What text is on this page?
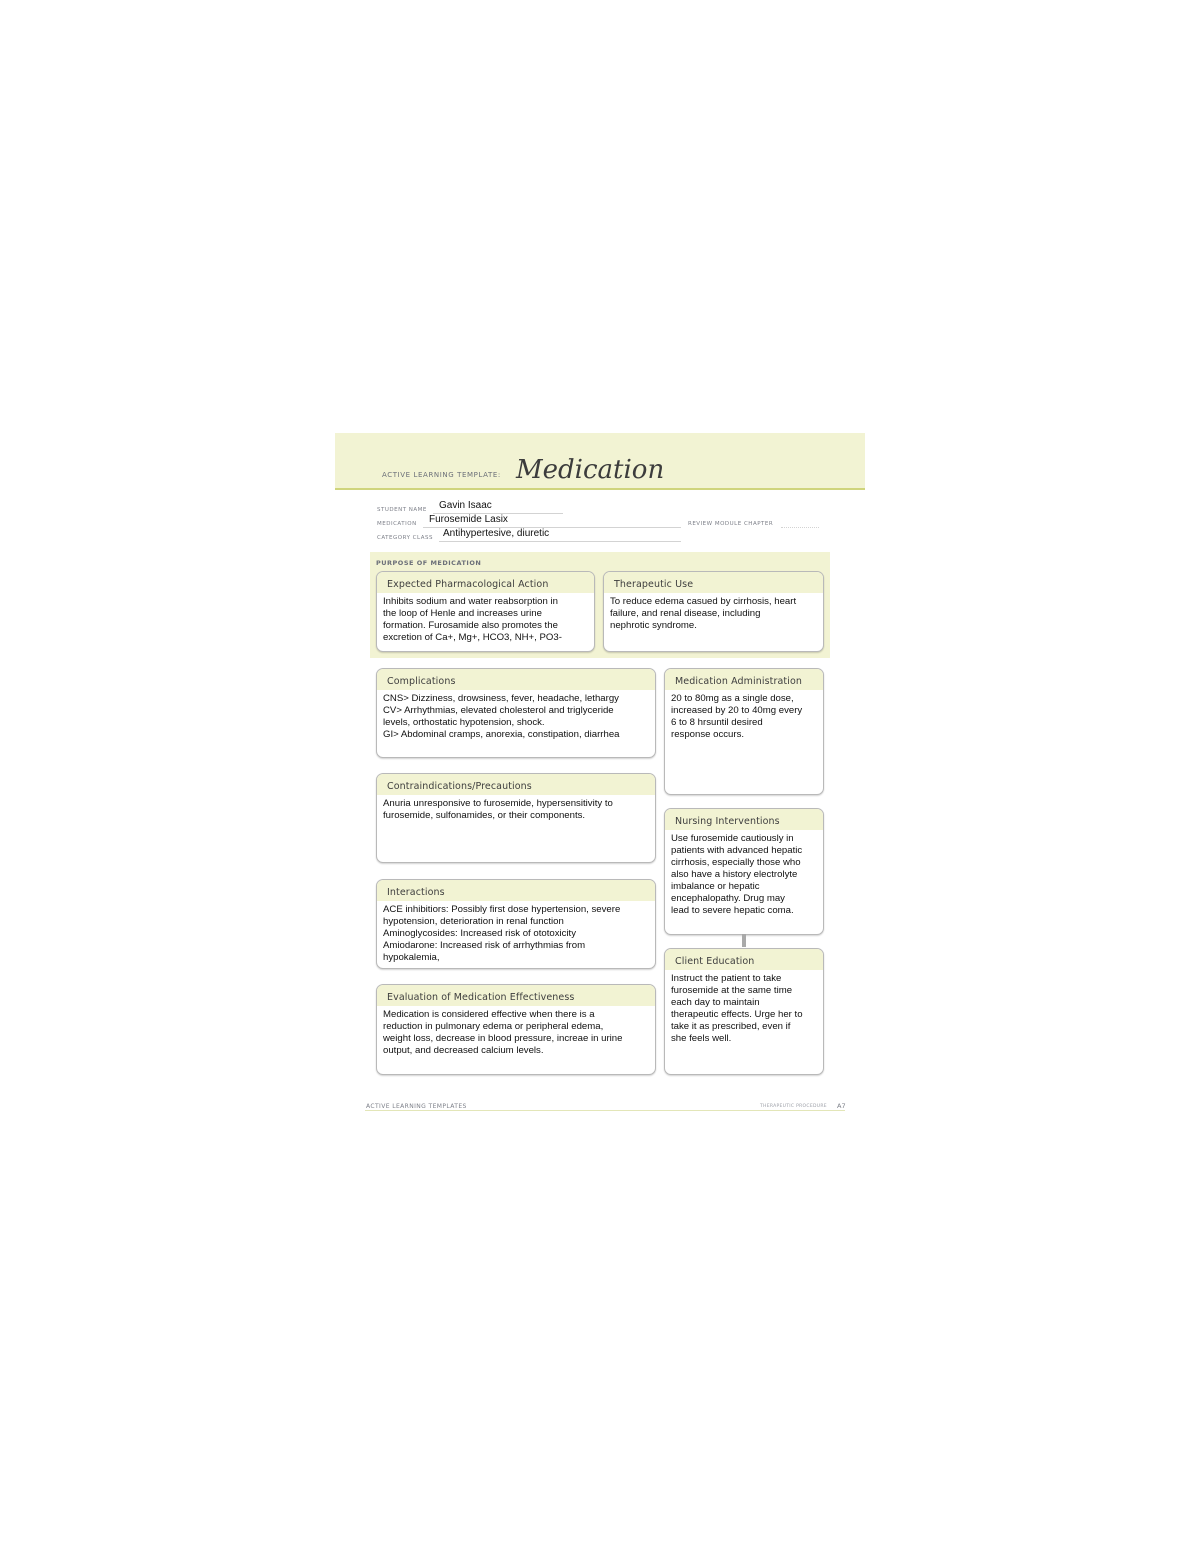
ACTIVE LEARNING TEMPLATE: Medication
STUDENT NAME Gavin Isaac
MEDICATION Furosemide Lasix	REVIEW MODULE CHAPTER
CATEGORY CLASS Antihypertesive, diuretic
PURPOSE OF MEDICATION
Expected Pharmacological Action
Inhibits sodium and water reabsorption in
the loop of Henle and increases urine
formation. Furosamide also promotes the
excretion of Ca+, Mg+, HCO3, NH+, PO3-
Therapeutic Use
To reduce edema casued by cirrhosis, heart
failure, and renal disease, including
nephrotic syndrome.
Complications
CNS> Dizziness, drowsiness, fever, headache, lethargy
CV> Arrhythmias, elevated cholesterol and triglyceride
levels, orthostatic hypotension, shock.
GI> Abdominal cramps, anorexia, constipation, diarrhea
Contraindications/Precautions
Anuria unresponsive to furosemide, hypersensitivity to
furosemide, sulfonamides, or their components.
Interactions
ACE inhibitiors: Possibly first dose hypertension, severe
hypotension, deterioration in renal function
Aminoglycosides: Increased risk of ototoxicity
Amiodarone: Increased risk of arrhythmias from
hypokalemia,
Evaluation of Medication Effectiveness
Medication is considered effective when there is a
reduction in pulmonary edema or peripheral edema,
weight loss, decrease in blood pressure, increae in urine
output, and decreased calcium levels.
Medication Administration
20 to 80mg as a single dose,
increased by 20 to 40mg every
6 to 8 hrsuntil desired
response occurs.
Nursing Interventions
Use furosemide cautiously in
patients with advanced hepatic
cirrhosis, especially those who
also have a history electrolyte
imbalance or hepatic
encephalopathy. Drug may
lead to severe hepatic coma.
Client Education
Instruct the patient to take
furosemide at the same time
each day to maintain
therapeutic effects. Urge her to
take it as prescribed, even if
she feels well.
ACTIVE LEARNING TEMPLATES	THERAPEUTIC PROCEDURE A7
